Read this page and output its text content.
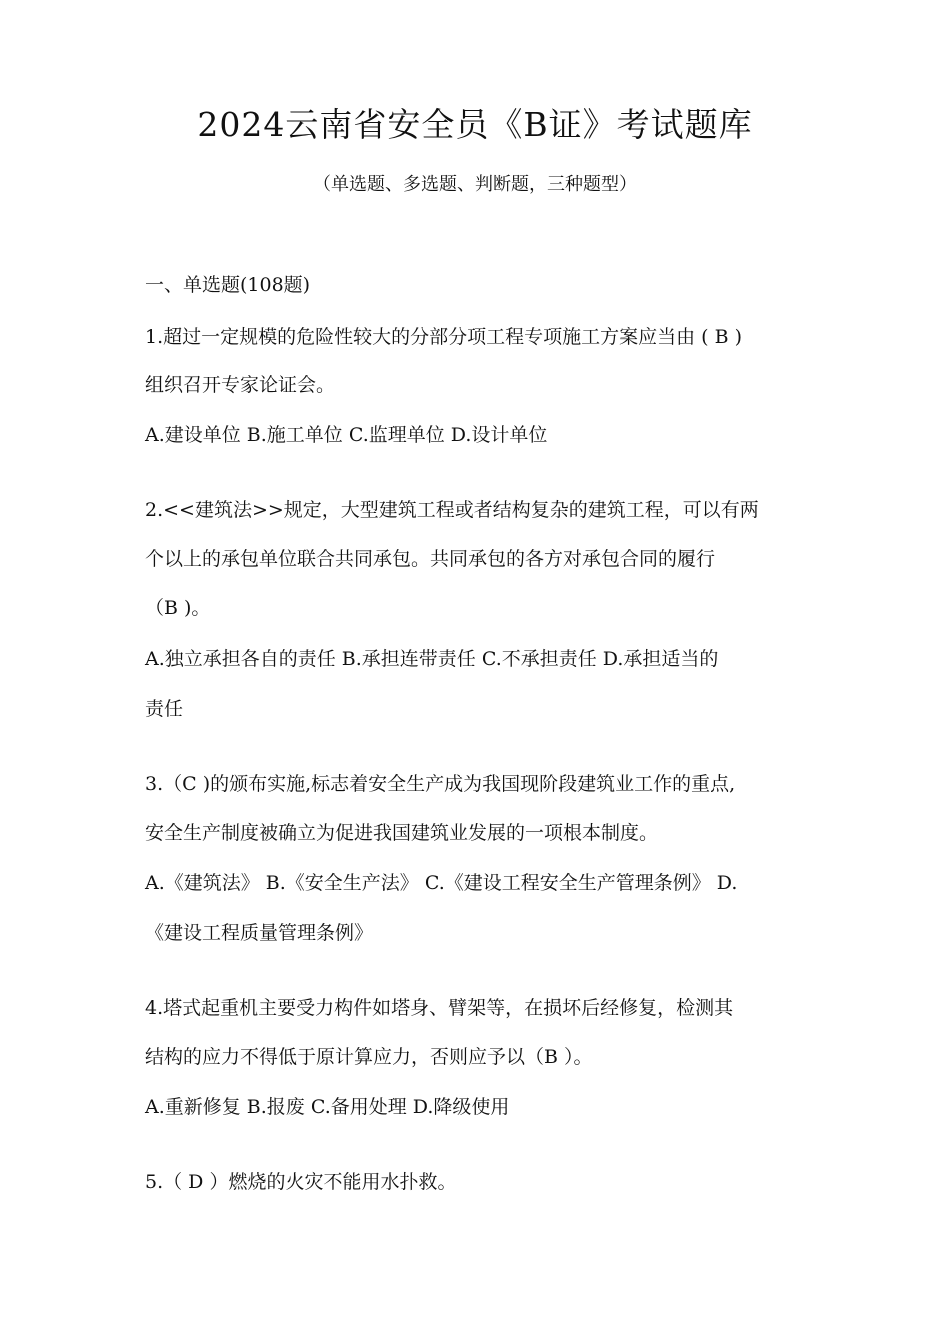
2024云南省安全员《B证》考试题库
（单选题、多选题、判断题，三种题型）
一、单选题(108题)
1.超过一定规模的危险性较大的分部分项工程专项施工方案应当由 ( B )
组织召开专家论证会。
A.建设单位 B.施工单位 C.监理单位 D.设计单位
2.<<建筑法>>规定，大型建筑工程或者结构复杂的建筑工程，可以有两
个以上的承包单位联合共同承包。共同承包的各方对承包合同的履行
（B )。
A.独立承担各自的责任 B.承担连带责任 C.不承担责任 D.承担适当的
责任
3.（C )的颁布实施,标志着安全生产成为我国现阶段建筑业工作的重点,
安全生产制度被确立为促进我国建筑业发展的一项根本制度。
A.《建筑法》 B.《安全生产法》 C.《建设工程安全生产管理条例》 D.
《建设工程质量管理条例》
4.塔式起重机主要受力构件如塔身、臂架等，在损坏后经修复，检测其
结构的应力不得低于原计算应力，否则应予以（B ）。
A.重新修复 B.报废 C.备用处理 D.降级使用
5.（ D ）燃烧的火灾不能用水扑救。
